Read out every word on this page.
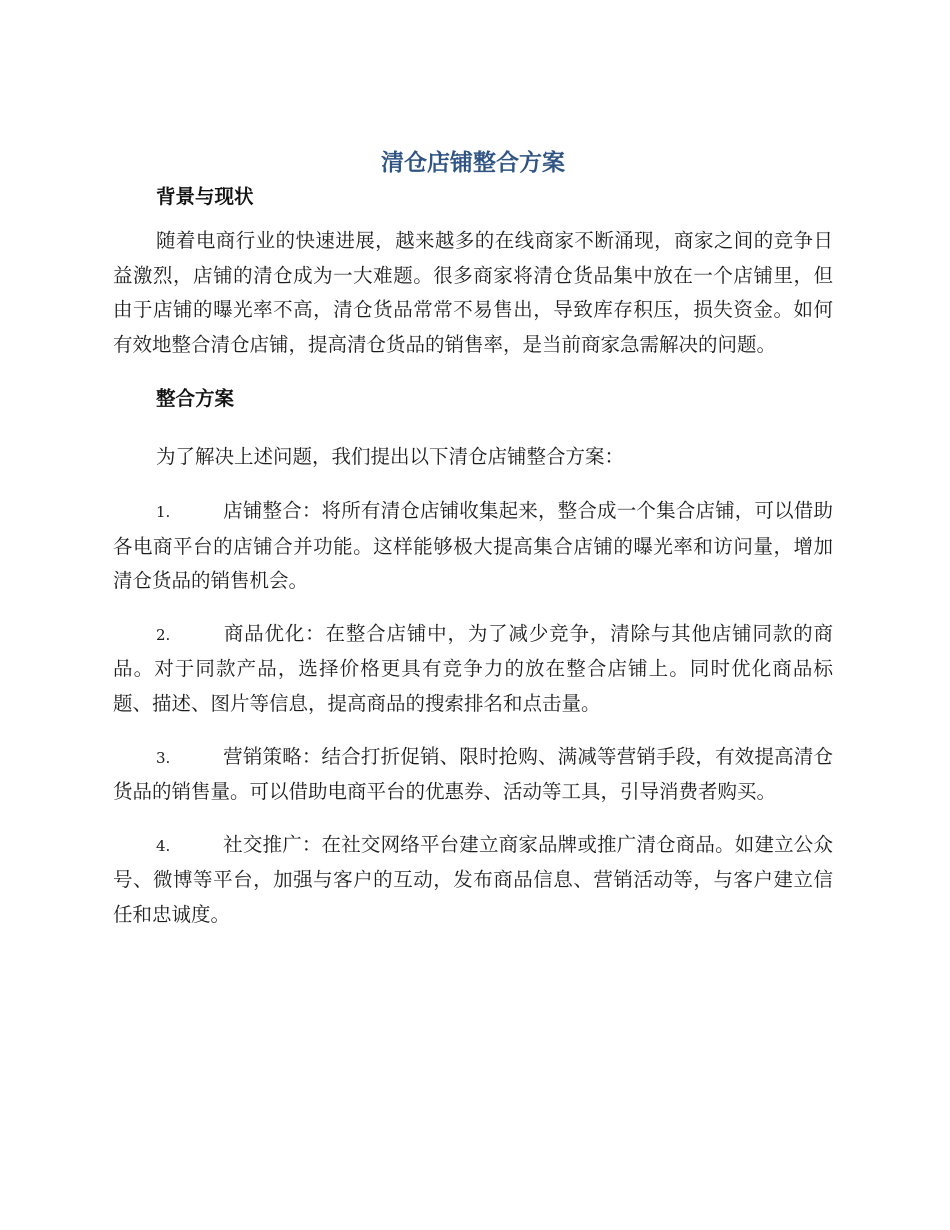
清仓店铺整合方案
背景与现状

随着电商行业的快速进展，越来越多的在线商家不断涌现，商家之间的竞争日益激烈，店铺的清仓成为一大难题。很多商家将清仓货品集中放在一个店铺里，但由于店铺的曝光率不高，清仓货品常常不易售出，导致库存积压，损失资金。如何有效地整合清仓店铺，提高清仓货品的销售率，是当前商家急需解决的问题。

整合方案

为了解决上述问题，我们提出以下清仓店铺整合方案：

1.	店铺整合：将所有清仓店铺收集起来，整合成一个集合店铺，可以借助各电商平台的店铺合并功能。这样能够极大提高集合店铺的曝光率和访问量，增加清仓货品的销售机会。
2.	商品优化：在整合店铺中，为了减少竞争，清除与其他店铺同款的商品。对于同款产品，选择价格更具有竞争力的放在整合店铺上。同时优化商品标题、描述、图片等信息，提高商品的搜索排名和点击量。
3.	营销策略：结合打折促销、限时抢购、满减等营销手段，有效提高清仓货品的销售量。可以借助电商平台的优惠券、活动等工具，引导消费者购买。
4.	社交推广：在社交网络平台建立商家品牌或推广清仓商品。如建立公众号、微博等平台，加强与客户的互动，发布商品信息、营销活动等，与客户建立信任和忠诚度。
